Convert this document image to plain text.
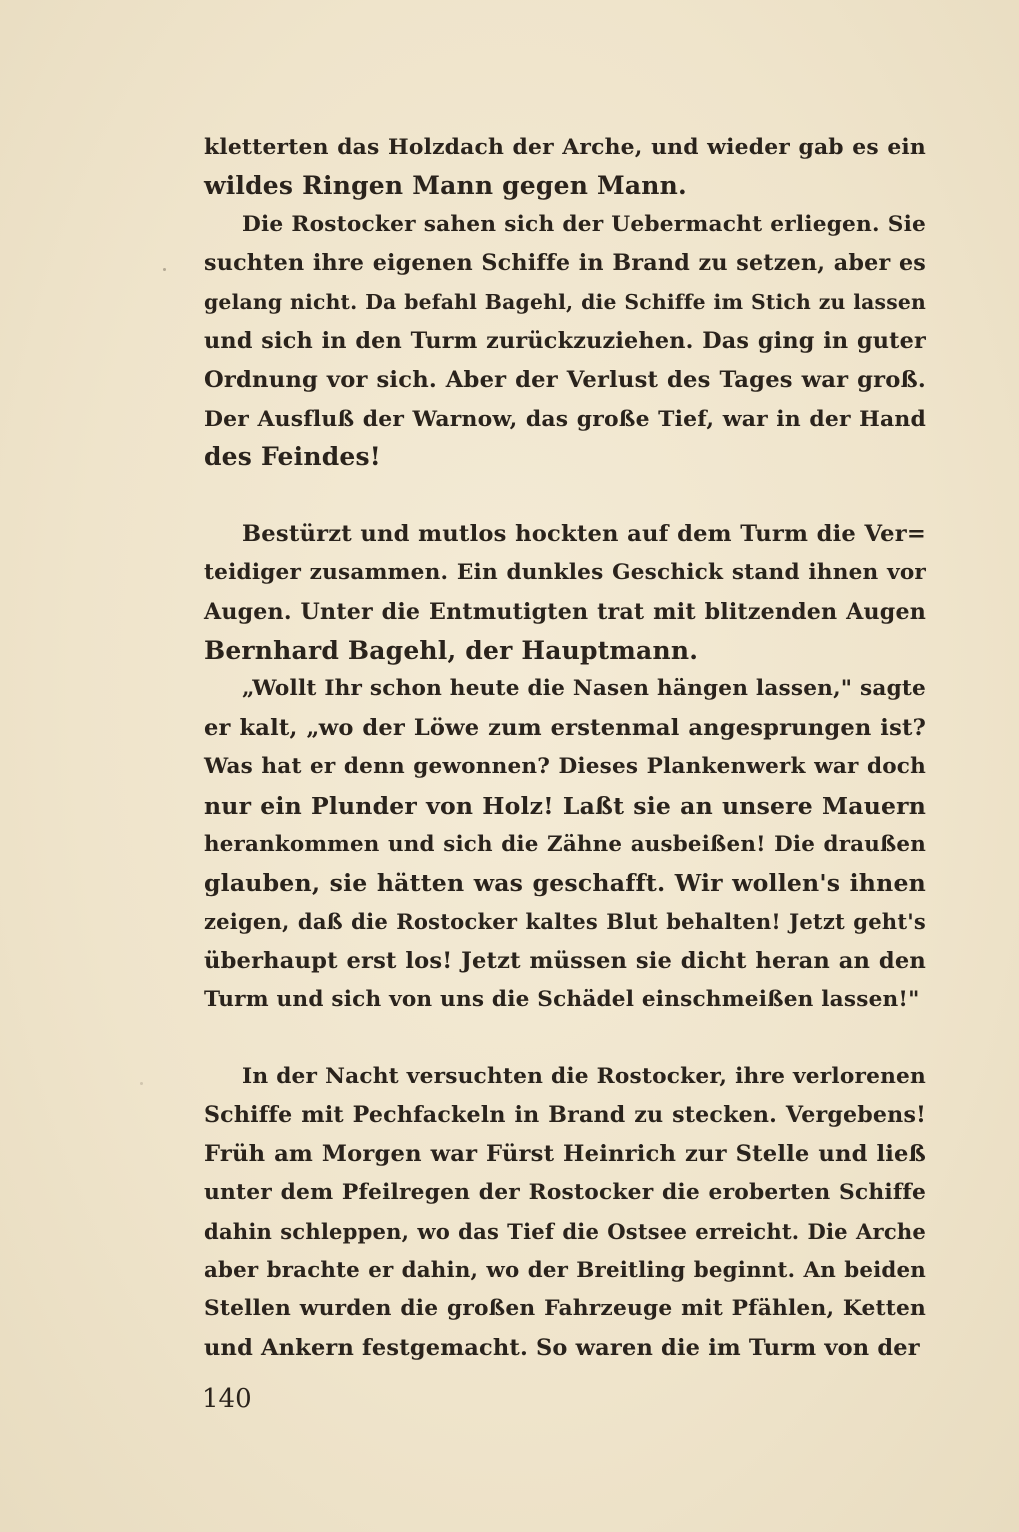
kletterten das Holzdach der Arche, und wieder gab es ein
wildes Ringen Mann gegen Mann.
Die Rostocker sahen sich der Uebermacht erliegen. Sie
suchten ihre eigenen Schiffe in Brand zu setzen, aber es
gelang nicht. Da befahl Bagehl, die Schiffe im Stich zu lassen
und sich in den Turm zurückzuziehen. Das ging in guter
Ordnung vor sich. Aber der Verlust des Tages war groß.
Der Ausfluß der Warnow, das große Tief, war in der Hand
des Feindes!
Bestürzt und mutlos hockten auf dem Turm die Ver=
teidiger zusammen. Ein dunkles Geschick stand ihnen vor
Augen. Unter die Entmutigten trat mit blitzenden Augen
Bernhard Bagehl, der Hauptmann.
„Wollt Ihr schon heute die Nasen hängen lassen," sagte
er kalt, „wo der Löwe zum erstenmal angesprungen ist?
Was hat er denn gewonnen? Dieses Plankenwerk war doch
nur ein Plunder von Holz! Laßt sie an unsere Mauern
herankommen und sich die Zähne ausbeißen! Die draußen
glauben, sie hätten was geschafft. Wir wollen's ihnen
zeigen, daß die Rostocker kaltes Blut behalten! Jetzt geht's
überhaupt erst los! Jetzt müssen sie dicht heran an den
Turm und sich von uns die Schädel einschmeißen lassen!"
In der Nacht versuchten die Rostocker, ihre verlorenen
Schiffe mit Pechfackeln in Brand zu stecken. Vergebens!
Früh am Morgen war Fürst Heinrich zur Stelle und ließ
unter dem Pfeilregen der Rostocker die eroberten Schiffe
dahin schleppen, wo das Tief die Ostsee erreicht. Die Arche
aber brachte er dahin, wo der Breitling beginnt. An beiden
Stellen wurden die großen Fahrzeuge mit Pfählen, Ketten
und Ankern festgemacht. So waren die im Turm von der
140
